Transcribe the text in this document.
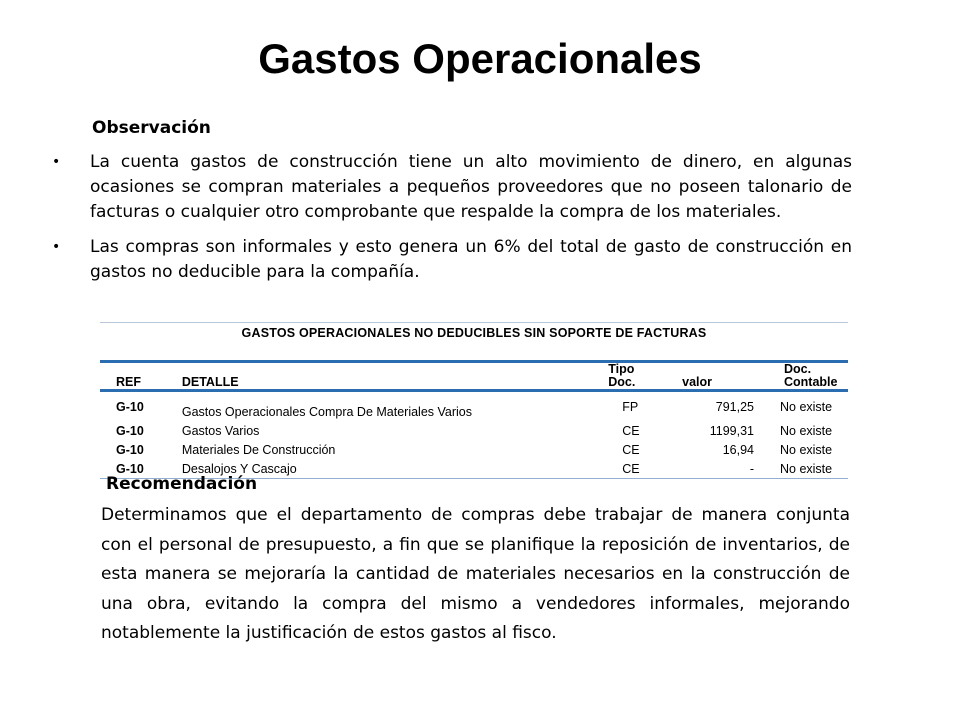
Gastos Operacionales
Observación
•	La cuenta gastos de construcción tiene un alto movimiento de dinero, en algunas ocasiones se compran materiales a pequeños proveedores que no poseen talonario de facturas o cualquier otro comprobante que respalde la compra de los materiales.
•	Las compras son informales y esto genera un 6% del total de gasto de construcción en gastos no deducible para la compañía.
GASTOS OPERACIONALES NO DEDUCIBLES SIN SOPORTE DE FACTURAS
REF	DETALLE	Tipo Doc.	valor	Doc. Contable
G-10	Gastos Operacionales Compra De Materiales Varios	FP	791,25	No existe
G-10	Gastos Varios	CE	1199,31	No existe
G-10	Materiales De Construcción	CE	16,94	No existe
G-10	Desalojos Y Cascajo	CE	-	No existe
Recomendación
Determinamos que el departamento de compras debe trabajar de manera conjunta con el personal de presupuesto, a fin que se planifique la reposición de inventarios, de esta manera se mejoraría la cantidad de materiales necesarios en la construcción de una obra, evitando la compra del mismo a vendedores informales, mejorando notablemente la justificación de estos gastos al fisco.
